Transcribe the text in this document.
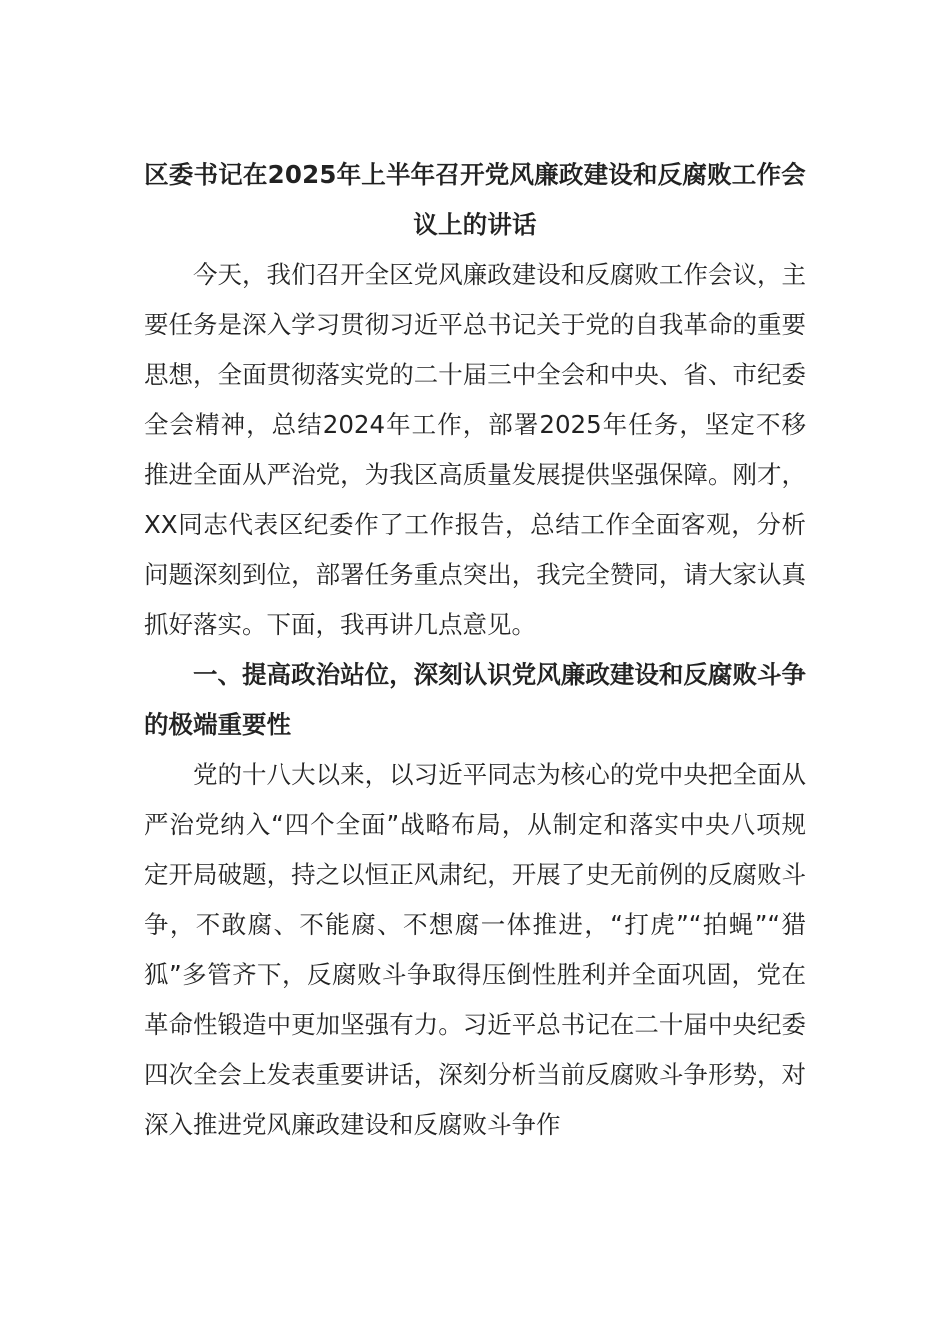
区委书记在2025年上半年召开党风廉政建设和反腐败工作会议上的讲话

今天，我们召开全区党风廉政建设和反腐败工作会议，主要任务是深入学习贯彻习近平总书记关于党的自我革命的重要思想，全面贯彻落实党的二十届三中全会和中央、省、市纪委全会精神，总结2024年工作，部署2025年任务，坚定不移推进全面从严治党，为我区高质量发展提供坚强保障。刚才，XX同志代表区纪委作了工作报告，总结工作全面客观，分析问题深刻到位，部署任务重点突出，我完全赞同，请大家认真抓好落实。下面，我再讲几点意见。

一、提高政治站位，深刻认识党风廉政建设和反腐败斗争的极端重要性

党的十八大以来，以习近平同志为核心的党中央把全面从严治党纳入“四个全面”战略布局，从制定和落实中央八项规定开局破题，持之以恒正风肃纪，开展了史无前例的反腐败斗争，不敢腐、不能腐、不想腐一体推进，“打虎”“拍蝇”“猎狐”多管齐下，反腐败斗争取得压倒性胜利并全面巩固，党在革命性锻造中更加坚强有力。习近平总书记在二十届中央纪委四次全会上发表重要讲话，深刻分析当前反腐败斗争形势，对深入推进党风廉政建设和反腐败斗争作
